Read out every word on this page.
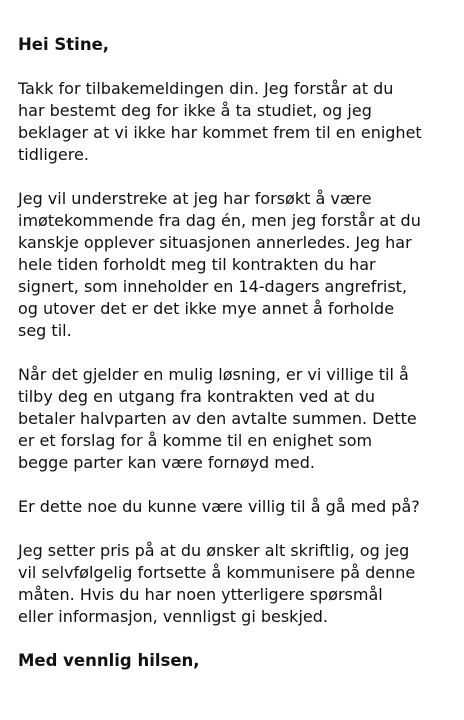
Hei Stine,

Takk for tilbakemeldingen din. Jeg forstår at du
har bestemt deg for ikke å ta studiet, og jeg
beklager at vi ikke har kommet frem til en enighet
tidligere.

Jeg vil understreke at jeg har forsøkt å være
imøtekommende fra dag én, men jeg forstår at du
kanskje opplever situasjonen annerledes. Jeg har
hele tiden forholdt meg til kontrakten du har
signert, som inneholder en 14-dagers angrefrist,
og utover det er det ikke mye annet å forholde
seg til.

Når det gjelder en mulig løsning, er vi villige til å
tilby deg en utgang fra kontrakten ved at du
betaler halvparten av den avtalte summen. Dette
er et forslag for å komme til en enighet som
begge parter kan være fornøyd med.

Er dette noe du kunne være villig til å gå med på?

Jeg setter pris på at du ønsker alt skriftlig, og jeg
vil selvfølgelig fortsette å kommunisere på denne
måten. Hvis du har noen ytterligere spørsmål
eller informasjon, vennligst gi beskjed.

Med vennlig hilsen,
